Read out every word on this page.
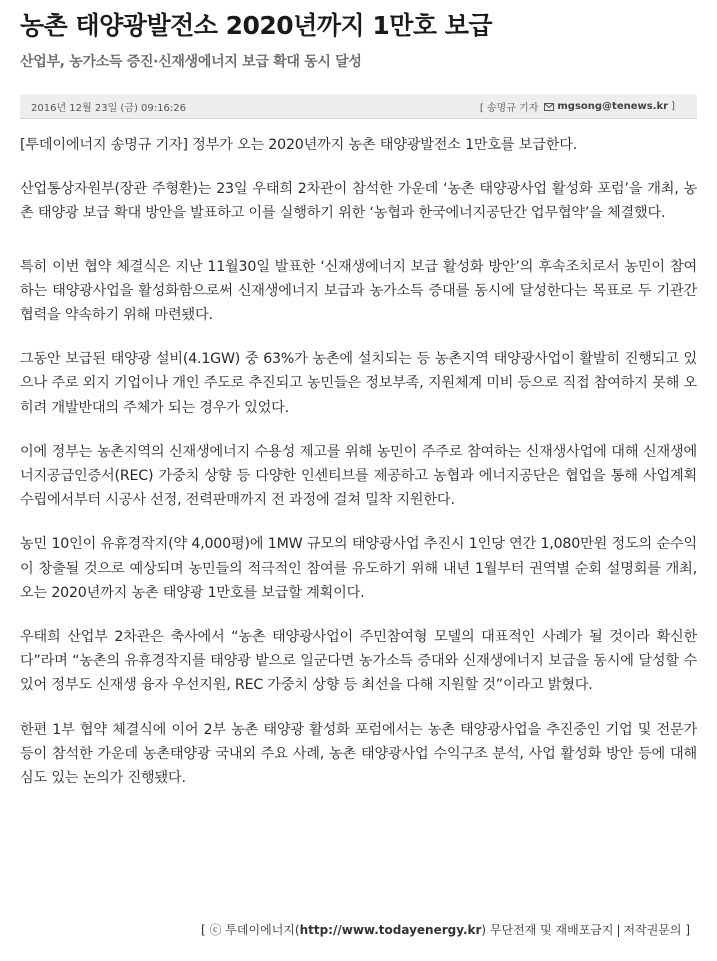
농촌 태양광발전소 2020년까지 1만호 보급
산업부, 농가소득 증진·신재생에너지 보급 확대 동시 달성
2016년 12월 23일 (금) 09:16:26	[ 송명규 기자 mgsong@tenews.kr ]

[투데이에너지 송명규 기자] 정부가 오는 2020년까지 농촌 태양광발전소 1만호를 보급한다.

산업통상자원부(장관 주형환)는 23일 우태희 2차관이 참석한 가운데 ‘농촌 태양광사업 활성화 포럼’을 개최, 농촌 태양광 보급 확대 방안을 발표하고 이를 실행하기 위한 ‘농협과 한국에너지공단간 업무협약’을 체결했다.

특히 이번 협약 체결식은 지난 11월30일 발표한 ‘신재생에너지 보급 활성화 방안’의 후속조치로서 농민이 참여하는 태양광사업을 활성화함으로써 신재생에너지 보급과 농가소득 증대를 동시에 달성한다는 목표로 두 기관간 협력을 약속하기 위해 마련됐다.

그동안 보급된 태양광 설비(4.1GW) 중 63%가 농촌에 설치되는 등 농촌지역 태양광사업이 활발히 진행되고 있으나 주로 외지 기업이나 개인 주도로 추진되고 농민들은 정보부족, 지원체계 미비 등으로 직접 참여하지 못해 오히려 개발반대의 주체가 되는 경우가 있었다.

이에 정부는 농촌지역의 신재생에너지 수용성 제고를 위해 농민이 주주로 참여하는 신재생사업에 대해 신재생에너지공급인증서(REC) 가중치 상향 등 다양한 인센티브를 제공하고 농협과 에너지공단은 협업을 통해 사업계획 수립에서부터 시공사 선정, 전력판매까지 전 과정에 걸쳐 밀착 지원한다.

농민 10인이 유휴경작지(약 4,000평)에 1MW 규모의 태양광사업 추진시 1인당 연간 1,080만원 정도의 순수익이 창출될 것으로 예상되며 농민들의 적극적인 참여를 유도하기 위해 내년 1월부터 권역별 순회 설명회를 개최, 오는 2020년까지 농촌 태양광 1만호를 보급할 계획이다.

우태희 산업부 2차관은 축사에서 “농촌 태양광사업이 주민참여형 모델의 대표적인 사례가 될 것이라 확신한다”라며 “농촌의 유휴경작지를 태양광 밭으로 일군다면 농가소득 증대와 신재생에너지 보급을 동시에 달성할 수 있어 정부도 신재생 융자 우선지원, REC 가중치 상향 등 최선을 다해 지원할 것”이라고 밝혔다.

한편 1부 협약 체결식에 이어 2부 농촌 태양광 활성화 포럼에서는 농촌 태양광사업을 추진중인 기업 및 전문가 등이 참석한 가운데 농촌태양광 국내외 주요 사례, 농촌 태양광사업 수익구조 분석, 사업 활성화 방안 등에 대해 심도 있는 논의가 진행됐다.

[ ⓒ 투데이에너지(http://www.todayenergy.kr) 무단전재 및 재배포금지 | 저작권문의 ]
